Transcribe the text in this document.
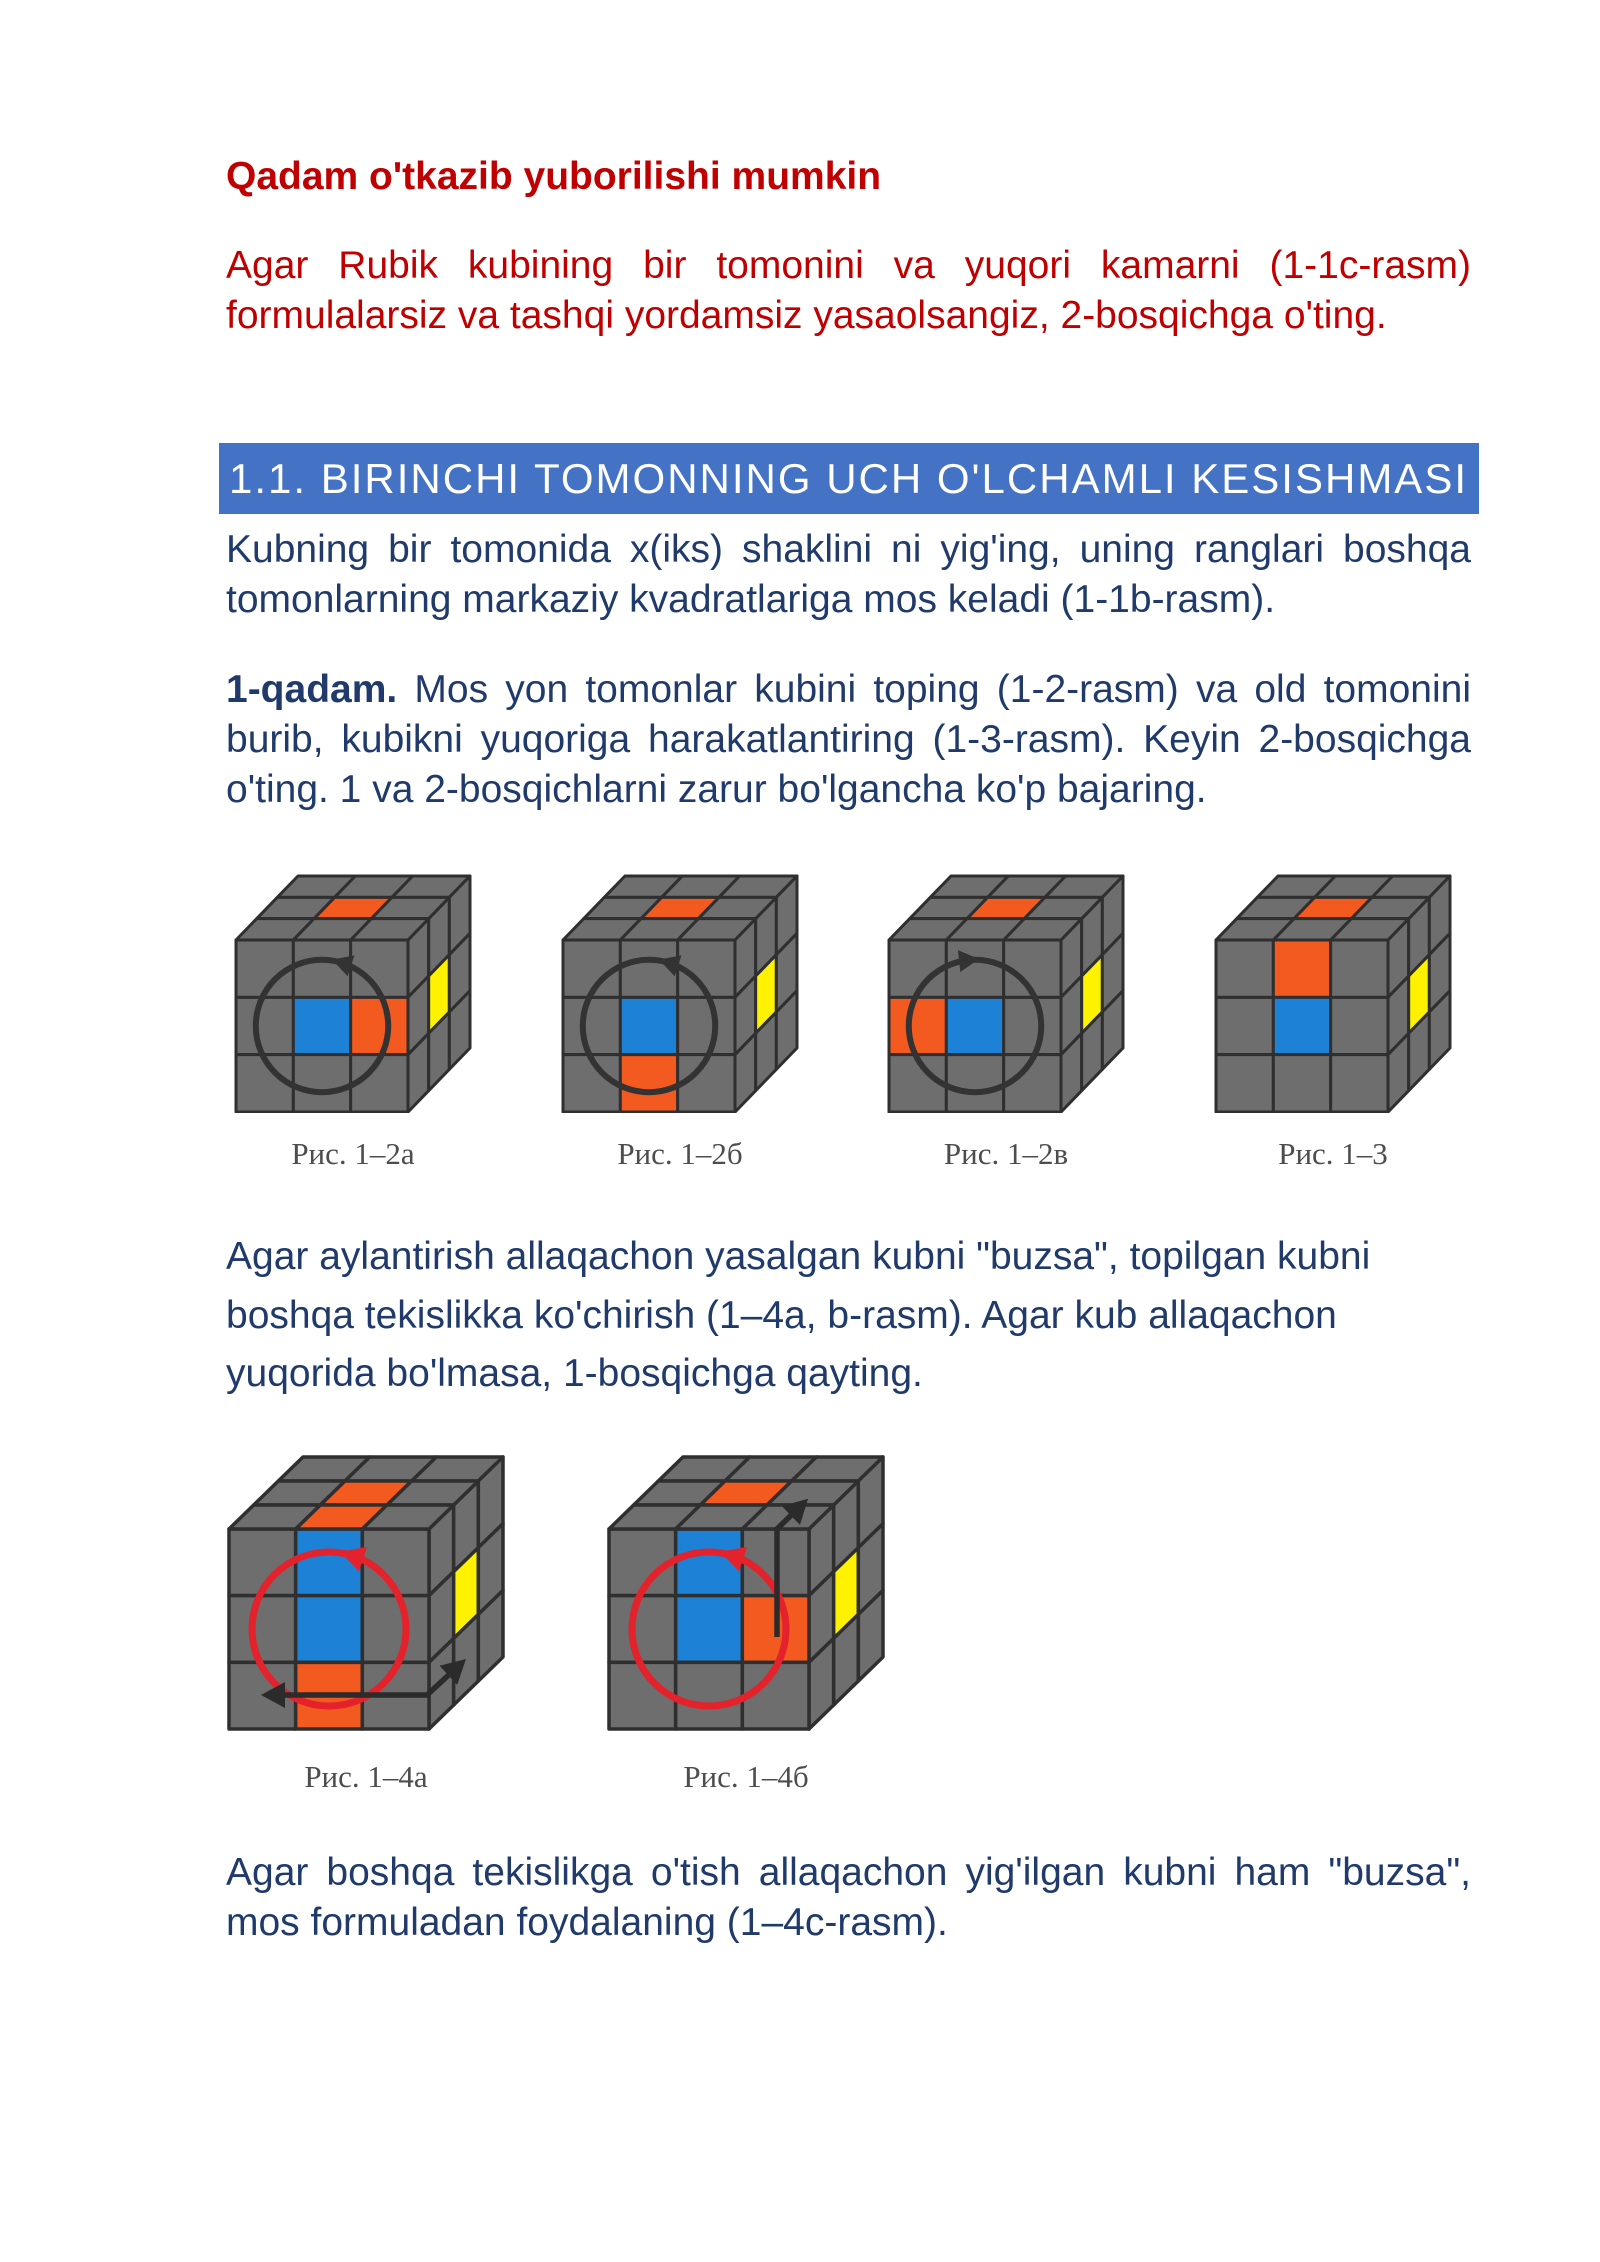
Qadam o'tkazib yuborilishi mumkin
Agar Rubik kubining bir tomonini va yuqori kamarni (1-1c-rasm)
formulalarsiz va tashqi yordamsiz yasaolsangiz, 2-bosqichga o'ting.
1.1. BIRINCHI TOMONNING UCH O'LCHAMLI KESISHMASI
Kubning bir tomonida x(iks) shaklini ni yig'ing, uning ranglari boshqa
tomonlarning markaziy kvadratlariga mos keladi (1-1b-rasm).
1-qadam. Mos yon tomonlar kubini toping (1-2-rasm) va old tomonini
burib, kubikni yuqoriga harakatlantiring (1-3-rasm). Keyin 2-bosqichga
o'ting. 1 va 2-bosqichlarni zarur bo'lgancha ko'p bajaring.
Рис. 1–2а	Рис. 1–2б	Рис. 1–2в	Рис. 1–3
Agar aylantirish allaqachon yasalgan kubni "buzsa", topilgan kubni
boshqa tekislikka ko'chirish (1–4a, b-rasm). Agar kub allaqachon
yuqorida bo'lmasa, 1-bosqichga qayting.
Рис. 1–4а	Рис. 1–4б
Agar boshqa tekislikga o'tish allaqachon yig'ilgan kubni ham "buzsa",
mos formuladan foydalaning (1–4c-rasm).
